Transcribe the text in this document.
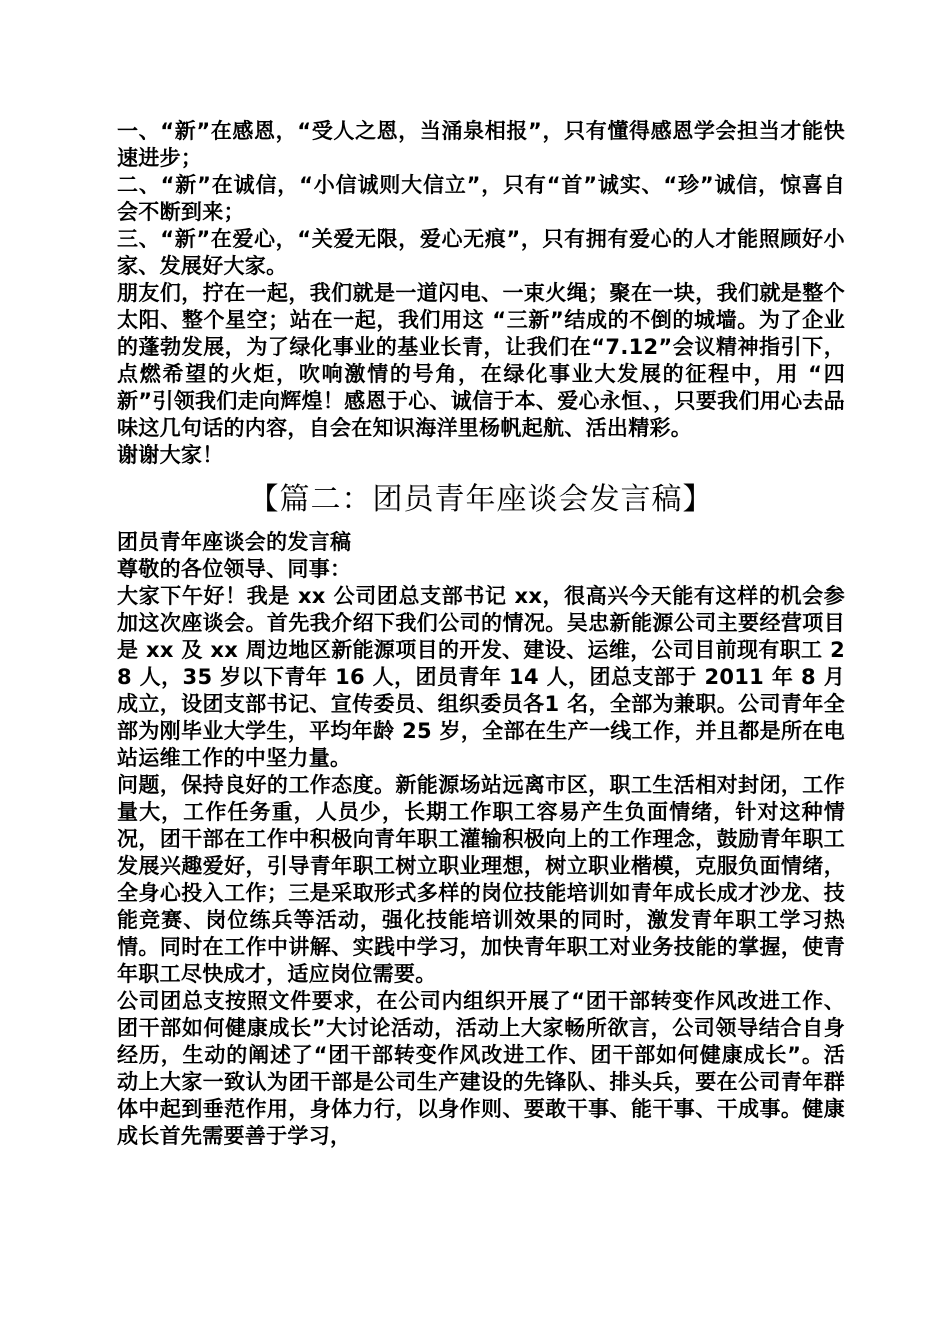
一、“新”在感恩，“受人之恩，当涌泉相报”，只有懂得感恩学会担当才能快速进步；

二、“新”在诚信，“小信诚则大信立”，只有“首”诚实、“珍”诚信，惊喜自会不断到来；

三、“新”在爱心，“关爱无限，爱心无痕”，只有拥有爱心的人才能照顾好小家、发展好大家。

朋友们，拧在一起，我们就是一道闪电、一束火绳；聚在一块，我们就是整个太阳、整个星空；站在一起，我们用这 “三新”结成的不倒的城墙。为了企业的蓬勃发展，为了绿化事业的基业长青，让我们在“7.12”会议精神指引下，点燃希望的火炬，吹响激情的号角，在绿化事业大发展的征程中，用 “四新”引领我们走向辉煌！感恩于心、诚信于本、爱心永恒、，只要我们用心去品味这几句话的内容，自会在知识海洋里杨帆起航、活出精彩。

谢谢大家！

【篇二：团员青年座谈会发言稿】

团员青年座谈会的发言稿

尊敬的各位领导、同事：

大家下午好！我是 xx 公司团总支部书记 xx，很高兴今天能有这样的机会参加这次座谈会。首先我介绍下我们公司的情况。吴忠新能源公司主要经营项目是 xx 及 xx 周边地区新能源项目的开发、建设、运维，公司目前现有职工 28 人，35 岁以下青年 16 人，团员青年 14 人，团总支部于 2011 年 8 月成立，设团支部书记、宣传委员、组织委员各1 名，全部为兼职。公司青年全部为刚毕业大学生，平均年龄 25 岁，全部在生产一线工作，并且都是所在电站运维工作的中坚力量。

问题，保持良好的工作态度。新能源场站远离市区，职工生活相对封闭，工作量大，工作任务重，人员少，长期工作职工容易产生负面情绪，针对这种情况，团干部在工作中积极向青年职工灌输积极向上的工作理念，鼓励青年职工发展兴趣爱好，引导青年职工树立职业理想，树立职业楷模，克服负面情绪，全身心投入工作；三是采取形式多样的岗位技能培训如青年成长成才沙龙、技能竞赛、岗位练兵等活动，强化技能培训效果的同时，激发青年职工学习热情。同时在工作中讲解、实践中学习，加快青年职工对业务技能的掌握，使青年职工尽快成才，适应岗位需要。

公司团总支按照文件要求，在公司内组织开展了“团干部转变作风改进工作、团干部如何健康成长”大讨论活动，活动上大家畅所欲言，公司领导结合自身经历，生动的阐述了“团干部转变作风改进工作、团干部如何健康成长”。活动上大家一致认为团干部是公司生产建设的先锋队、排头兵，要在公司青年群体中起到垂范作用，身体力行，以身作则、要敢干事、能干事、干成事。健康成长首先需要善于学习，
